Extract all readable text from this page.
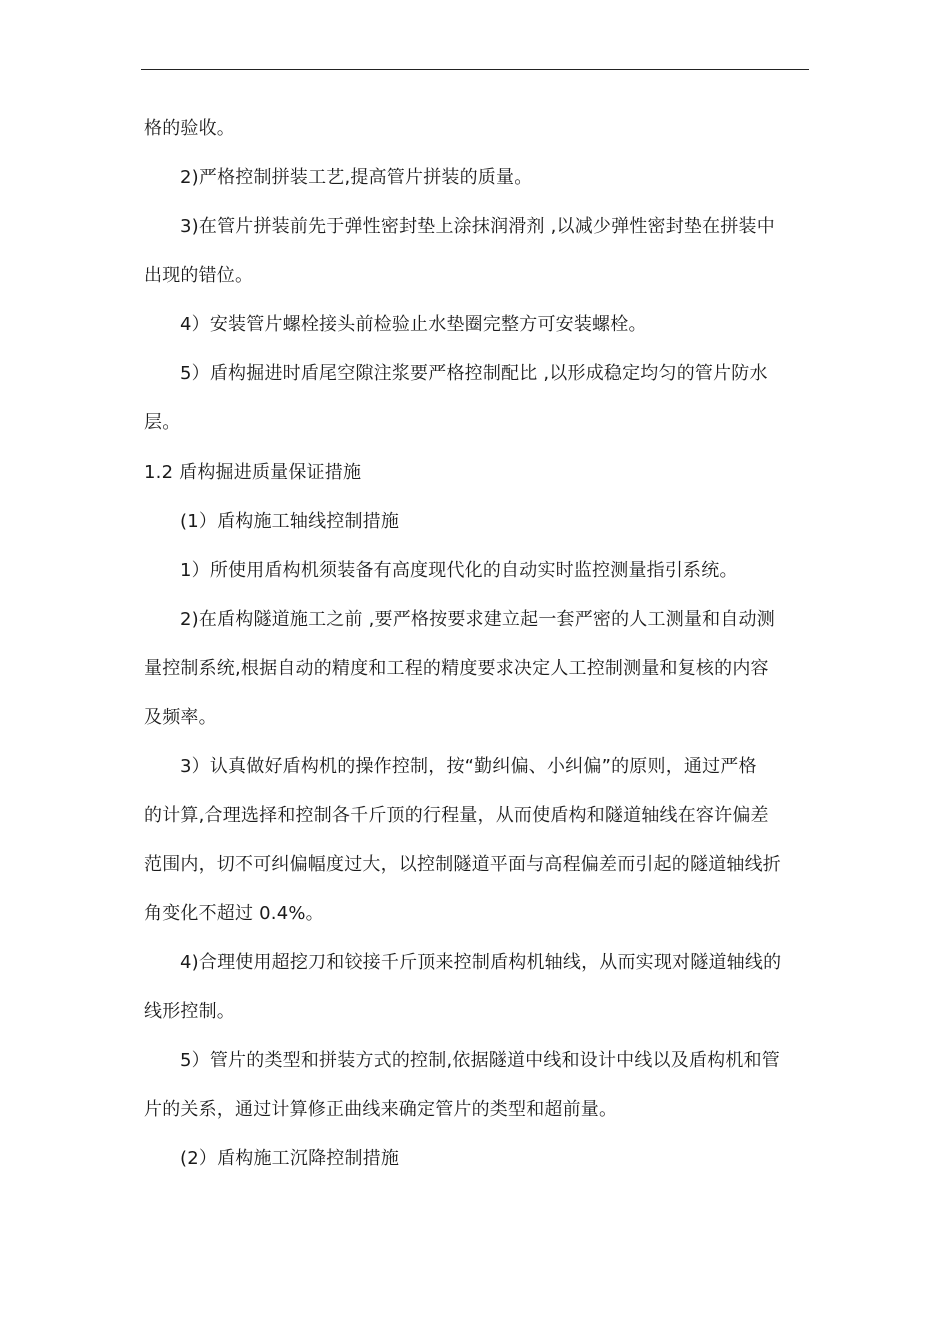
格的验收。

2)严格控制拼装工艺,提高管片拼装的质量。

3)在管片拼装前先于弹性密封垫上涂抹润滑剂 ,以减少弹性密封垫在拼装中

出现的错位。

4）安装管片螺栓接头前检验止水垫圈完整方可安装螺栓。

5）盾构掘进时盾尾空隙注浆要严格控制配比 ,以形成稳定均匀的管片防水

层。

1.2 盾构掘进质量保证措施

(1）盾构施工轴线控制措施

1）所使用盾构机须装备有高度现代化的自动实时监控测量指引系统。

2)在盾构隧道施工之前 ,要严格按要求建立起一套严密的人工测量和自动测

量控制系统,根据自动的精度和工程的精度要求决定人工控制测量和复核的内容

及频率。

3）认真做好盾构机的操作控制，按“勤纠偏、小纠偏”的原则，通过严格

的计算,合理选择和控制各千斤顶的行程量，从而使盾构和隧道轴线在容许偏差

范围内，切不可纠偏幅度过大，以控制隧道平面与高程偏差而引起的隧道轴线折

角变化不超过 0.4%。

4)合理使用超挖刀和铰接千斤顶来控制盾构机轴线，从而实现对隧道轴线的

线形控制。

5）管片的类型和拼装方式的控制,依据隧道中线和设计中线以及盾构机和管

片的关系，通过计算修正曲线来确定管片的类型和超前量。

(2）盾构施工沉降控制措施
